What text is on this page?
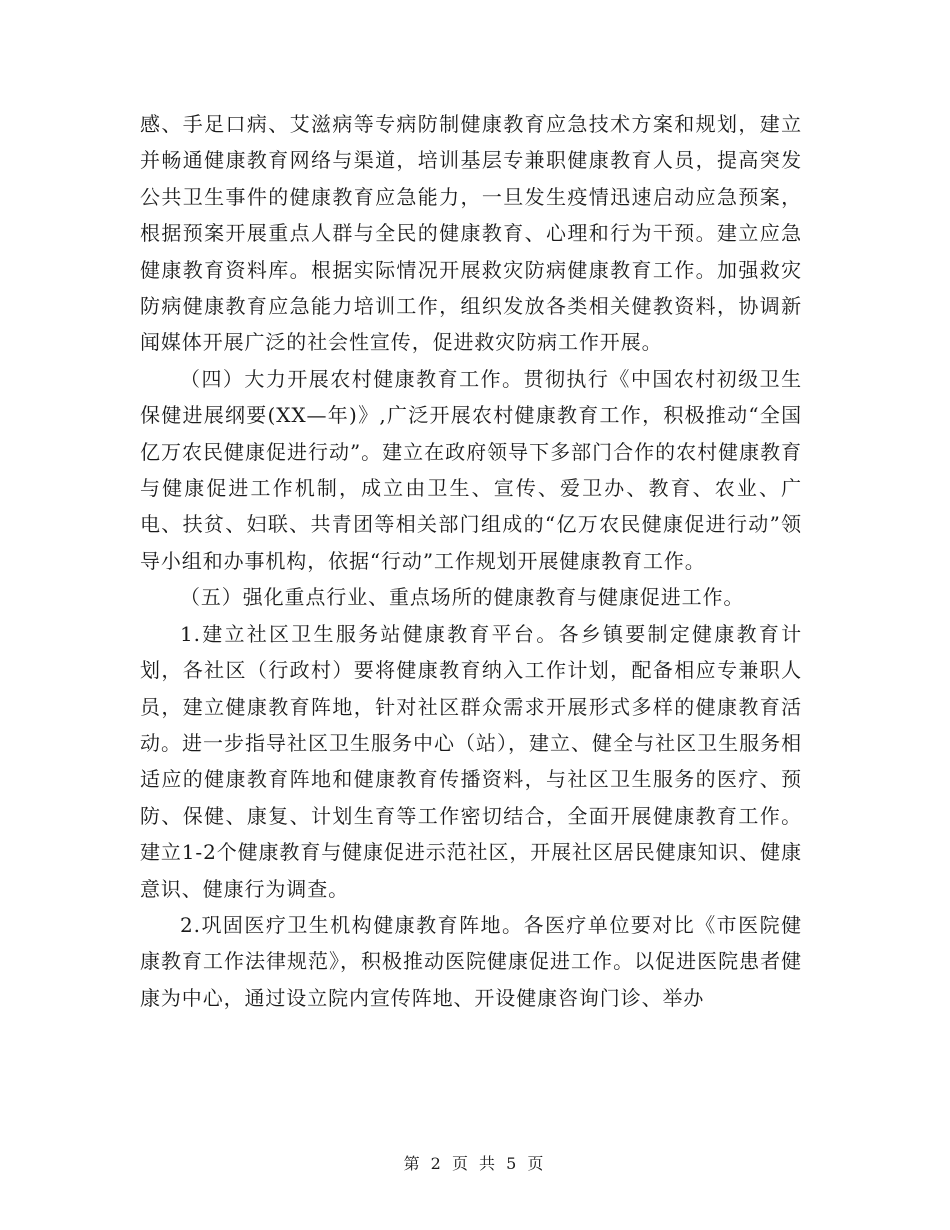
感、手足口病、艾滋病等专病防制健康教育应急技术方案和规划，建立并畅通健康教育网络与渠道，培训基层专兼职健康教育人员，提高突发公共卫生事件的健康教育应急能力，一旦发生疫情迅速启动应急预案，根据预案开展重点人群与全民的健康教育、心理和行为干预。建立应急健康教育资料库。根据实际情况开展救灾防病健康教育工作。加强救灾防病健康教育应急能力培训工作，组织发放各类相关健教资料，协调新闻媒体开展广泛的社会性宣传，促进救灾防病工作开展。

（四）大力开展农村健康教育工作。贯彻执行《中国农村初级卫生保健进展纲要(XX—年)》,广泛开展农村健康教育工作，积极推动“全国亿万农民健康促进行动”。建立在政府领导下多部门合作的农村健康教育与健康促进工作机制，成立由卫生、宣传、爱卫办、教育、农业、广电、扶贫、妇联、共青团等相关部门组成的“亿万农民健康促进行动”领导小组和办事机构，依据“行动”工作规划开展健康教育工作。

（五）强化重点行业、重点场所的健康教育与健康促进工作。

1.建立社区卫生服务站健康教育平台。各乡镇要制定健康教育计划，各社区（行政村）要将健康教育纳入工作计划，配备相应专兼职人员，建立健康教育阵地，针对社区群众需求开展形式多样的健康教育活动。进一步指导社区卫生服务中心（站），建立、健全与社区卫生服务相适应的健康教育阵地和健康教育传播资料，与社区卫生服务的医疗、预防、保健、康复、计划生育等工作密切结合，全面开展健康教育工作。建立1-2个健康教育与健康促进示范社区，开展社区居民健康知识、健康意识、健康行为调查。

2.巩固医疗卫生机构健康教育阵地。各医疗单位要对比《市医院健康教育工作法律规范》，积极推动医院健康促进工作。以促进医院患者健康为中心，通过设立院内宣传阵地、开设健康咨询门诊、举办

第 2 页 共 5 页
